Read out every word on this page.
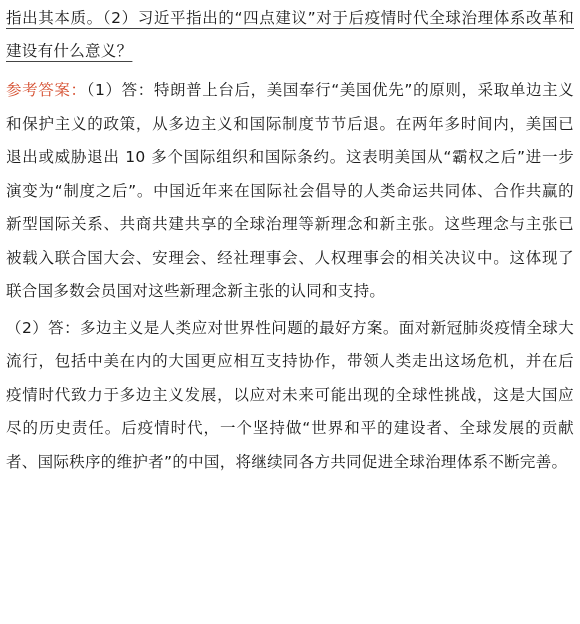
指出其本质。（2）习近平指出的“四点建议”对于后疫情时代全球治理体系改革和建设有什么意义？

参考答案：（1）答：特朗普上台后，美国奉行“美国优先”的原则，采取单边主义和保护主义的政策，从多边主义和国际制度节节后退。在两年多时间内，美国已退出或威胁退出 10 多个国际组织和国际条约。这表明美国从“霸权之后”进一步演变为“制度之后”。中国近年来在国际社会倡导的人类命运共同体、合作共赢的新型国际关系、共商共建共享的全球治理等新理念和新主张。这些理念与主张已被载入联合国大会、安理会、经社理事会、人权理事会的相关决议中。这体现了联合国多数会员国对这些新理念新主张的认同和支持。

（2）答：多边主义是人类应对世界性问题的最好方案。面对新冠肺炎疫情全球大流行，包括中美在内的大国更应相互支持协作，带领人类走出这场危机，并在后疫情时代致力于多边主义发展，以应对未来可能出现的全球性挑战，这是大国应尽的历史责任。后疫情时代，一个坚持做“世界和平的建设者、全球发展的贡献者、国际秩序的维护者”的中国，将继续同各方共同促进全球治理体系不断完善。
